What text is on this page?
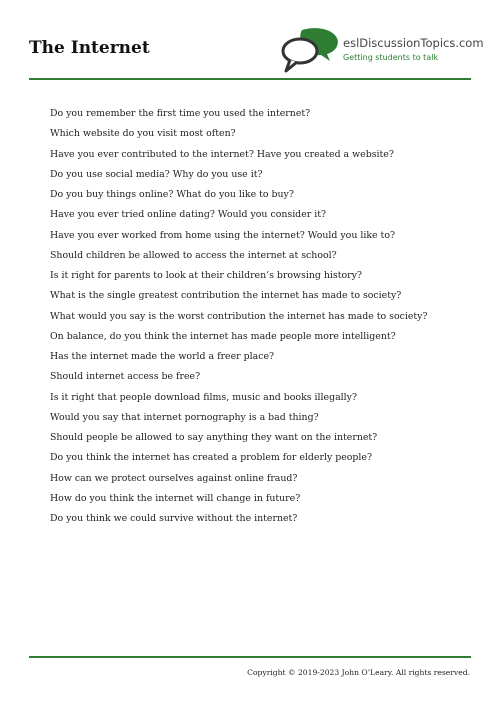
The Internet	eslDiscussionTopics.com
Getting students to talk
Do you remember the first time you used the internet?
Which website do you visit most often?
Have you ever contributed to the internet? Have you created a website?
Do you use social media? Why do you use it?
Do you buy things online? What do you like to buy?
Have you ever tried online dating? Would you consider it?
Have you ever worked from home using the internet? Would you like to?
Should children be allowed to access the internet at school?
Is it right for parents to look at their children’s browsing history?
What is the single greatest contribution the internet has made to society?
What would you say is the worst contribution the internet has made to society?
On balance, do you think the internet has made people more intelligent?
Has the internet made the world a freer place?
Should internet access be free?
Is it right that people download films, music and books illegally?
Would you say that internet pornography is a bad thing?
Should people be allowed to say anything they want on the internet?
Do you think the internet has created a problem for elderly people?
How can we protect ourselves against online fraud?
How do you think the internet will change in future?
Do you think we could survive without the internet?
Copyright © 2019-2023 John O’Leary. All rights reserved.
